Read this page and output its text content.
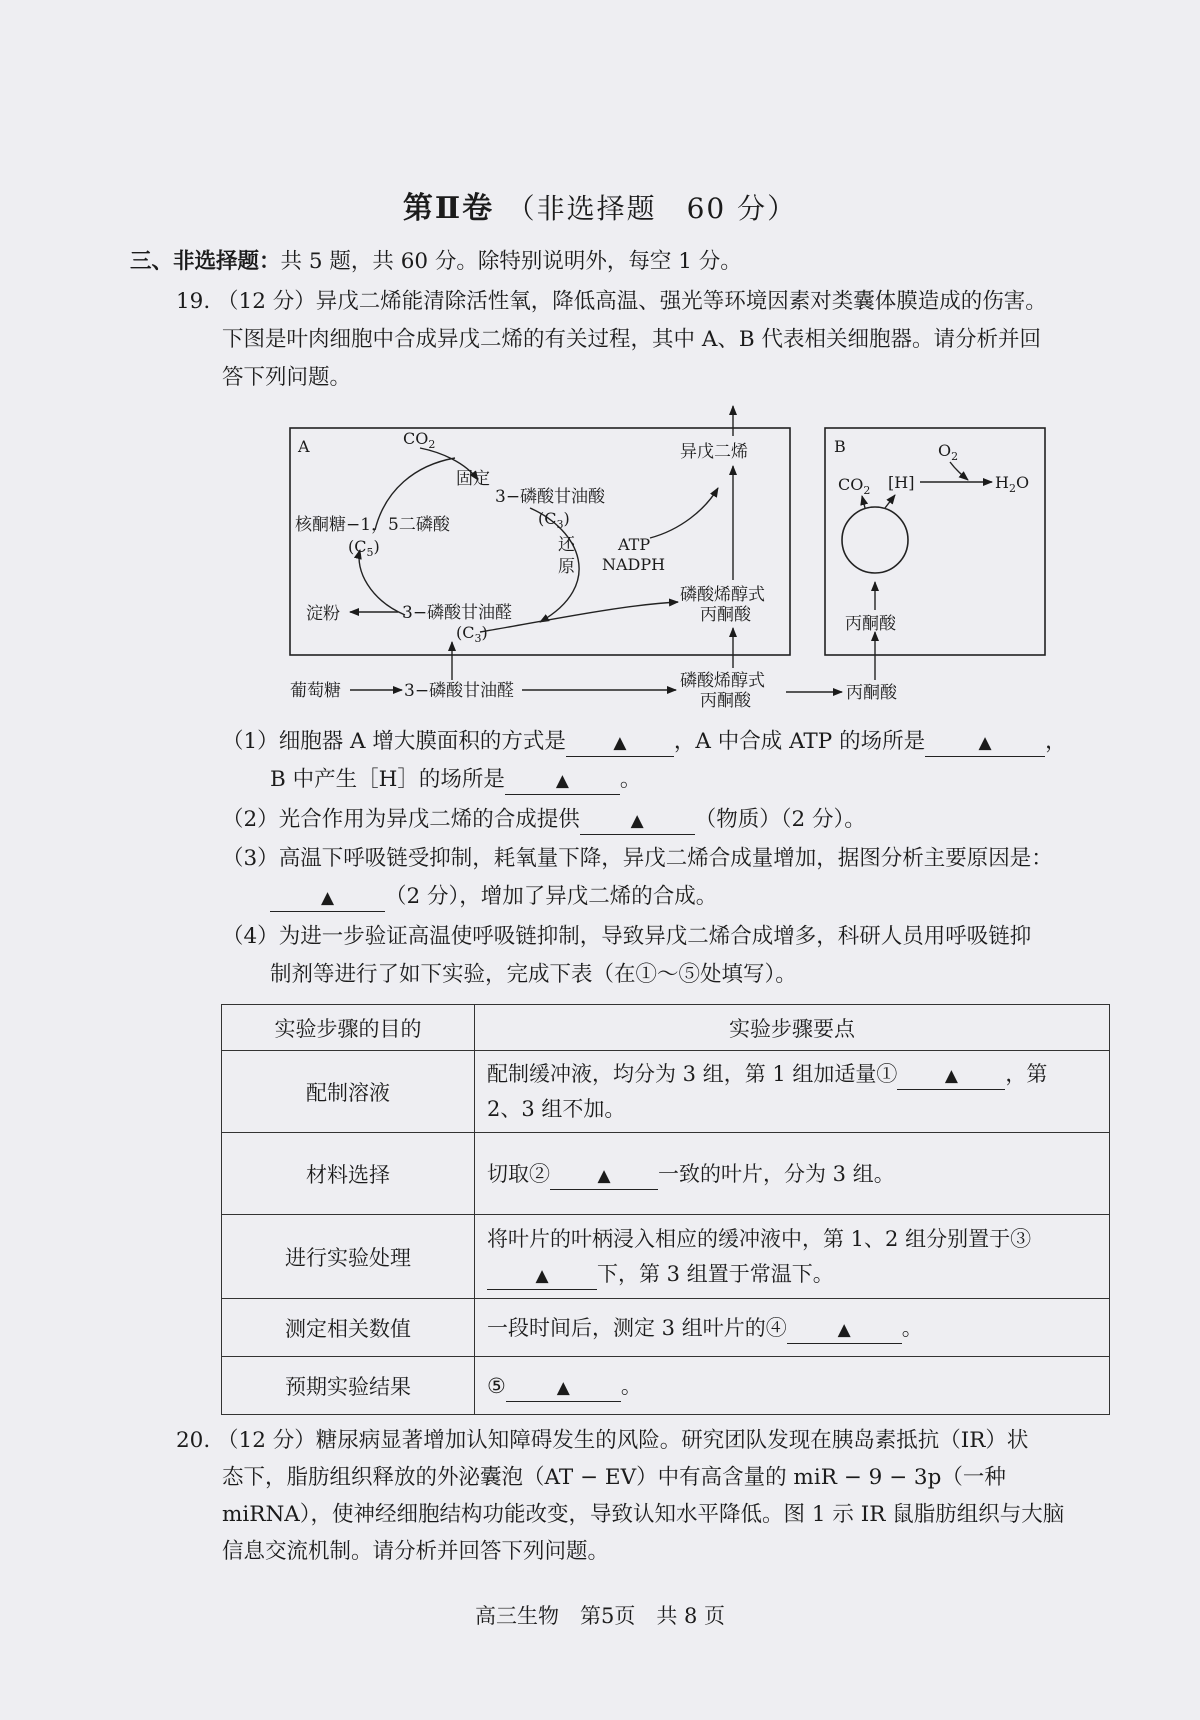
第Ⅱ卷 （非选择题　60 分）
三、非选择题：共 5 题，共 60 分。除特别说明外，每空 1 分。
19. （12 分）异戊二烯能清除活性氧，降低高温、强光等环境因素对类囊体膜造成的伤害。
下图是叶肉细胞中合成异戊二烯的有关过程，其中 A、B 代表相关细胞器。请分析并回
答下列问题。
A	B
$CO_2$
固定
3−磷酸甘油酸
$(C_3)$
核酮糖−1，5二磷酸
$(C_5)$	还
原
ATP
NADPH
3−磷酸甘油醛
$(C_3)$
淀粉
磷酸烯醇式
丙酮酸
异戊二烯
葡萄糖	3−磷酸甘油醛	磷酸烯醇式
丙酮酸	丙酮酸
丙酮酸
$CO_2$ [H]
$O_2$
$H_2O$
（1）细胞器 A 增大膜面积的方式是	▲ ，A 中合成 ATP 的场所是	▲ ，
B 中产生［H］的场所是	▲ 。
（2）光合作用为异戊二烯的合成提供	▲ （物质）（2 分）。
（3）高温下呼吸链受抑制，耗氧量下降，异戊二烯合成量增加，据图分析主要原因是：
▲ （2 分），增加了异戊二烯的合成。
（4）为进一步验证高温使呼吸链抑制，导致异戊二烯合成增多，科研人员用呼吸链抑
制剂等进行了如下实验，完成下表（在①～⑤处填写）。
实验步骤的目的	实验步骤要点
配制溶液	配制缓冲液，均分为 3 组，第 1 组加适量① ▲ ，第
2、3 组不加。
材料选择	切取② ▲ 一致的叶片，分为 3 组。
进行实验处理	将叶片的叶柄浸入相应的缓冲液中，第 1、2 组分别置于③
▲ 下，第 3 组置于常温下。
测定相关数值	一段时间后，测定 3 组叶片的④ ▲ 。
预期实验结果	⑤ ▲ 。
20. （12 分）糖尿病显著增加认知障碍发生的风险。研究团队发现在胰岛素抵抗（IR）状
态下，脂肪组织释放的外泌囊泡（AT − EV）中有高含量的 miR − 9 − 3p（一种
miRNA），使神经细胞结构功能改变，导致认知水平降低。图 1 示 IR 鼠脂肪组织与大脑
信息交流机制。请分析并回答下列问题。
高三生物　第5页　共 8 页
